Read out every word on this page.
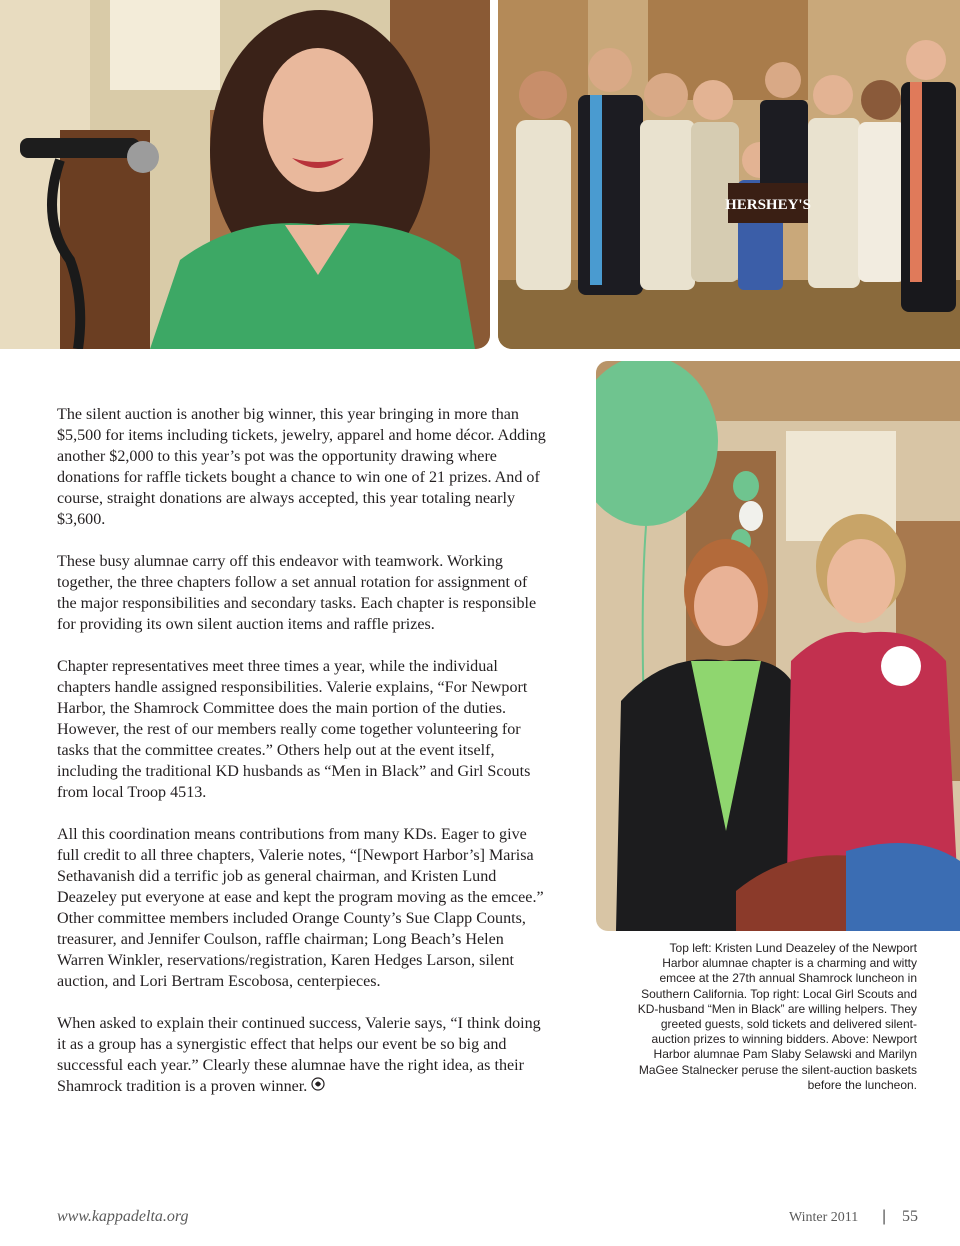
HERSHEY'S

The silent auction is another big winner, this year bringing in more than $5,500 for items including tickets, jewelry, apparel and home décor. Adding another $2,000 to this year’s pot was the opportunity drawing where donations for raffle tickets bought a chance to win one of 21 prizes. And of course, straight donations are always accepted, this year totaling nearly $3,600.

These busy alumnae carry off this endeavor with teamwork. Working together, the three chapters follow a set annual rotation for assignment of the major responsibilities and secondary tasks. Each chapter is responsible for providing its own silent auction items and raffle prizes.

Chapter representatives meet three times a year, while the individual chapters handle assigned responsibilities. Valerie explains, “For Newport Harbor, the Shamrock Committee does the main portion of the duties. However, the rest of our members really come together volunteering for tasks that the committee creates.” Others help out at the event itself, including the traditional KD husbands as “Men in Black” and Girl Scouts from local Troop 4513.

All this coordination means contributions from many KDs. Eager to give full credit to all three chapters, Valerie notes, “[Newport Harbor’s] Marisa Sethavanish did a terrific job as general chairman, and Kristen Lund Deazeley put everyone at ease and kept the program moving as the emcee.” Other committee members included Orange County’s Sue Clapp Counts, treasurer, and Jennifer Coulson, raffle chairman; Long Beach’s Helen Warren Winkler, reservations/registration, Karen Hedges Larson, silent auction, and Lori Bertram Escobosa, centerpieces.

When asked to explain their continued success, Valerie says, “I think doing it as a group has a synergistic effect that helps our event be so big and successful each year.” Clearly these alumnae have the right idea, as their Shamrock tradition is a proven winner.

Top left: Kristen Lund Deazeley of the Newport Harbor alumnae chapter is a charming and witty emcee at the 27th annual Shamrock luncheon in Southern California. Top right: Local Girl Scouts and KD-husband “Men in Black” are willing helpers. They greeted guests, sold tickets and delivered silent-auction prizes to winning bidders. Above: Newport Harbor alumnae Pam Slaby Selawski and Marilyn MaGee Stalnecker peruse the silent-auction baskets before the luncheon.
www.kappadelta.org	Winter 2011 | 55
